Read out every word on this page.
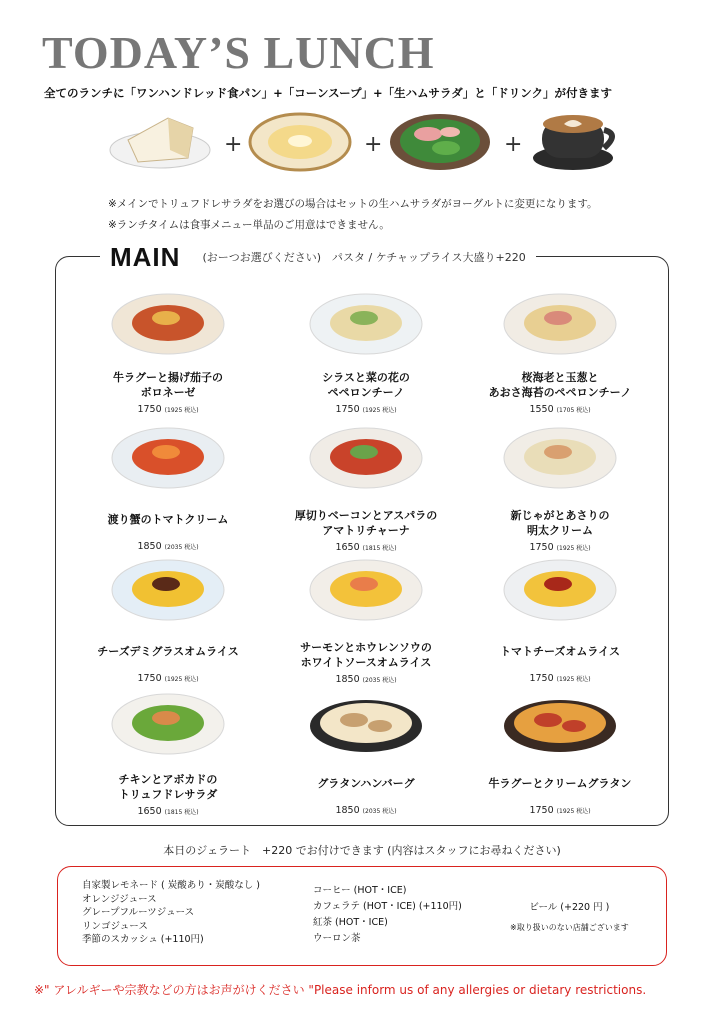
TODAY’S LUNCH
全てのランチに「ワンハンドレッド食パン」+「コーンスープ」+「生ハムサラダ」と「ドリンク」が付きます
+	+	+
※メインでトリュフドレサラダをお選びの場合はセットの生ハムサラダがヨーグルトに変更になります。
※ランチタイムは食事メニュー単品のご用意はできません。
MAIN (おーつお選びください)　パスタ / ケチャップライス大盛り+220
牛ラグーと揚げ茄子の
ボロネーゼ
1750 (1925 税込)
シラスと菜の花の
ペペロンチーノ
1750 (1925 税込)
桜海老と玉葱と
あおさ海苔のペペロンチーノ
1550 (1705 税込)
渡り蟹のトマトクリーム
1850 (2035 税込)
厚切りベーコンとアスパラの
アマトリチャーナ
1650 (1815 税込)
新じゃがとあさりの
明太クリーム
1750 (1925 税込)
チーズデミグラスオムライス
1750 (1925 税込)
サーモンとホウレンソウの
ホワイトソースオムライス
1850 (2035 税込)
トマトチーズオムライス
1750 (1925 税込)
チキンとアボカドの
トリュフドレサラダ
1650 (1815 税込)
グラタンハンバーグ
1850 (2035 税込)
牛ラグーとクリームグラタン
1750 (1925 税込)
本日のジェラート　+220 でお付けできます (内容はスタッフにお尋ねください)
自家製レモネード ( 炭酸あり・炭酸なし )
オレンジジュース
グレープフルーツジュース
リンゴジュース
季節のスカッシュ (+110円)
コーヒー (HOT・ICE)
カフェラテ (HOT・ICE) (+110円)
紅茶 (HOT・ICE)
ウーロン茶
ビール (+220 円 )
※取り扱いのない店舗ございます
※" アレルギーや宗教などの方はお声がけください "Please inform us of any allergies or dietary restrictions.
